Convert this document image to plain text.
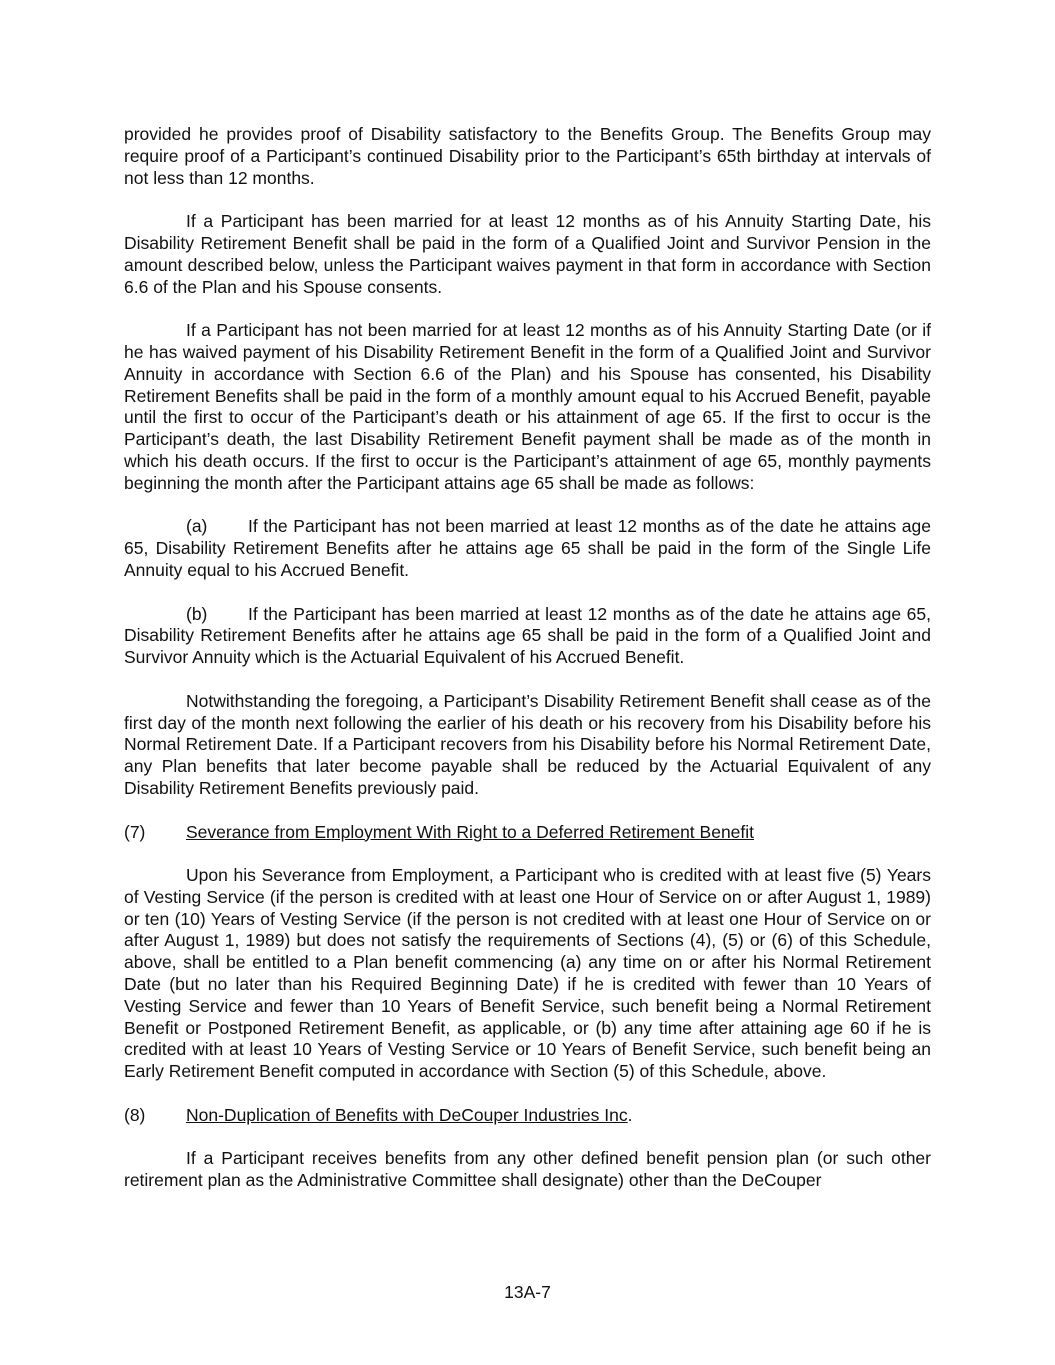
provided he provides proof of Disability satisfactory to the Benefits Group. The Benefits Group may require proof of a Participant’s continued Disability prior to the Participant’s 65th birthday at intervals of not less than 12 months.

If a Participant has been married for at least 12 months as of his Annuity Starting Date, his Disability Retirement Benefit shall be paid in the form of a Qualified Joint and Survivor Pension in the amount described below, unless the Participant waives payment in that form in accordance with Section 6.6 of the Plan and his Spouse consents.

If a Participant has not been married for at least 12 months as of his Annuity Starting Date (or if he has waived payment of his Disability Retirement Benefit in the form of a Qualified Joint and Survivor Annuity in accordance with Section 6.6 of the Plan) and his Spouse has consented, his Disability Retirement Benefits shall be paid in the form of a monthly amount equal to his Accrued Benefit, payable until the first to occur of the Participant’s death or his attainment of age 65. If the first to occur is the Participant’s death, the last Disability Retirement Benefit payment shall be made as of the month in which his death occurs. If the first to occur is the Participant’s attainment of age 65, monthly payments beginning the month after the Participant attains age 65 shall be made as follows:

(a) If the Participant has not been married at least 12 months as of the date he attains age 65, Disability Retirement Benefits after he attains age 65 shall be paid in the form of the Single Life Annuity equal to his Accrued Benefit.

(b) If the Participant has been married at least 12 months as of the date he attains age 65, Disability Retirement Benefits after he attains age 65 shall be paid in the form of a Qualified Joint and Survivor Annuity which is the Actuarial Equivalent of his Accrued Benefit.

Notwithstanding the foregoing, a Participant’s Disability Retirement Benefit shall cease as of the first day of the month next following the earlier of his death or his recovery from his Disability before his Normal Retirement Date. If a Participant recovers from his Disability before his Normal Retirement Date, any Plan benefits that later become payable shall be reduced by the Actuarial Equivalent of any Disability Retirement Benefits previously paid.

(7) Severance from Employment With Right to a Deferred Retirement Benefit

Upon his Severance from Employment, a Participant who is credited with at least five (5) Years of Vesting Service (if the person is credited with at least one Hour of Service on or after August 1, 1989) or ten (10) Years of Vesting Service (if the person is not credited with at least one Hour of Service on or after August 1, 1989) but does not satisfy the requirements of Sections (4), (5) or (6) of this Schedule, above, shall be entitled to a Plan benefit commencing (a) any time on or after his Normal Retirement Date (but no later than his Required Beginning Date) if he is credited with fewer than 10 Years of Vesting Service and fewer than 10 Years of Benefit Service, such benefit being a Normal Retirement Benefit or Postponed Retirement Benefit, as applicable, or (b) any time after attaining age 60 if he is credited with at least 10 Years of Vesting Service or 10 Years of Benefit Service, such benefit being an Early Retirement Benefit computed in accordance with Section (5) of this Schedule, above.

(8) Non-Duplication of Benefits with DeCouper Industries Inc.

If a Participant receives benefits from any other defined benefit pension plan (or such other retirement plan as the Administrative Committee shall designate) other than the DeCouper

13A-7
